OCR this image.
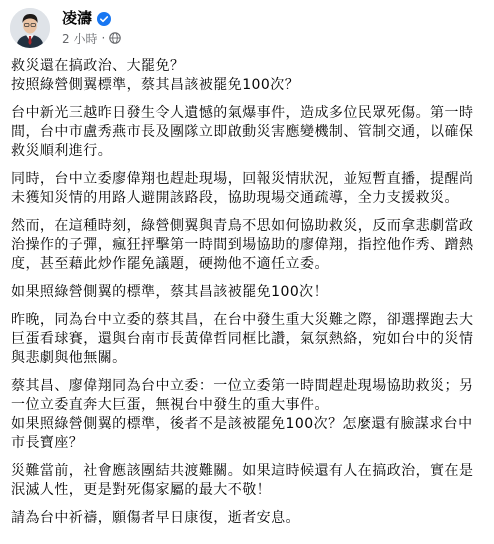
凌濤
2 小時 ·
救災還在搞政治、大罷免？
按照綠營側翼標準，蔡其昌該被罷免100次？
台中新光三越昨日發生令人遺憾的氣爆事件，造成多位民眾死傷。第一時
間，台中市盧秀燕市長及團隊立即啟動災害應變機制、管制交通，以確保
救災順利進行。
同時，台中立委廖偉翔也趕赴現場，回報災情狀況，並短暫直播，提醒尚
未獲知災情的用路人避開該路段，協助現場交通疏導，全力支援救災。
然而，在這種時刻，綠營側翼與青鳥不思如何協助救災，反而拿悲劇當政
治操作的子彈，瘋狂抨擊第一時間到場協助的廖偉翔，指控他作秀、蹭熱
度，甚至藉此炒作罷免議題，硬拗他不適任立委。
如果照綠營側翼的標準，蔡其昌該被罷免100次！
昨晚，同為台中立委的蔡其昌，在台中發生重大災難之際，卻選擇跑去大
巨蛋看球賽，還與台南市長黃偉哲同框比讚，氣氛熱絡，宛如台中的災情
與悲劇與他無關。
蔡其昌、廖偉翔同為台中立委：一位立委第一時間趕赴現場協助救災；另
一位立委直奔大巨蛋，無視台中發生的重大事件。
如果照綠營側翼的標準，後者不是該被罷免100次？怎麼還有臉謀求台中
市長寶座？
災難當前，社會應該團結共渡難關。如果這時候還有人在搞政治，實在是
泯滅人性，更是對死傷家屬的最大不敬！
請為台中祈禱，願傷者早日康復，逝者安息。
